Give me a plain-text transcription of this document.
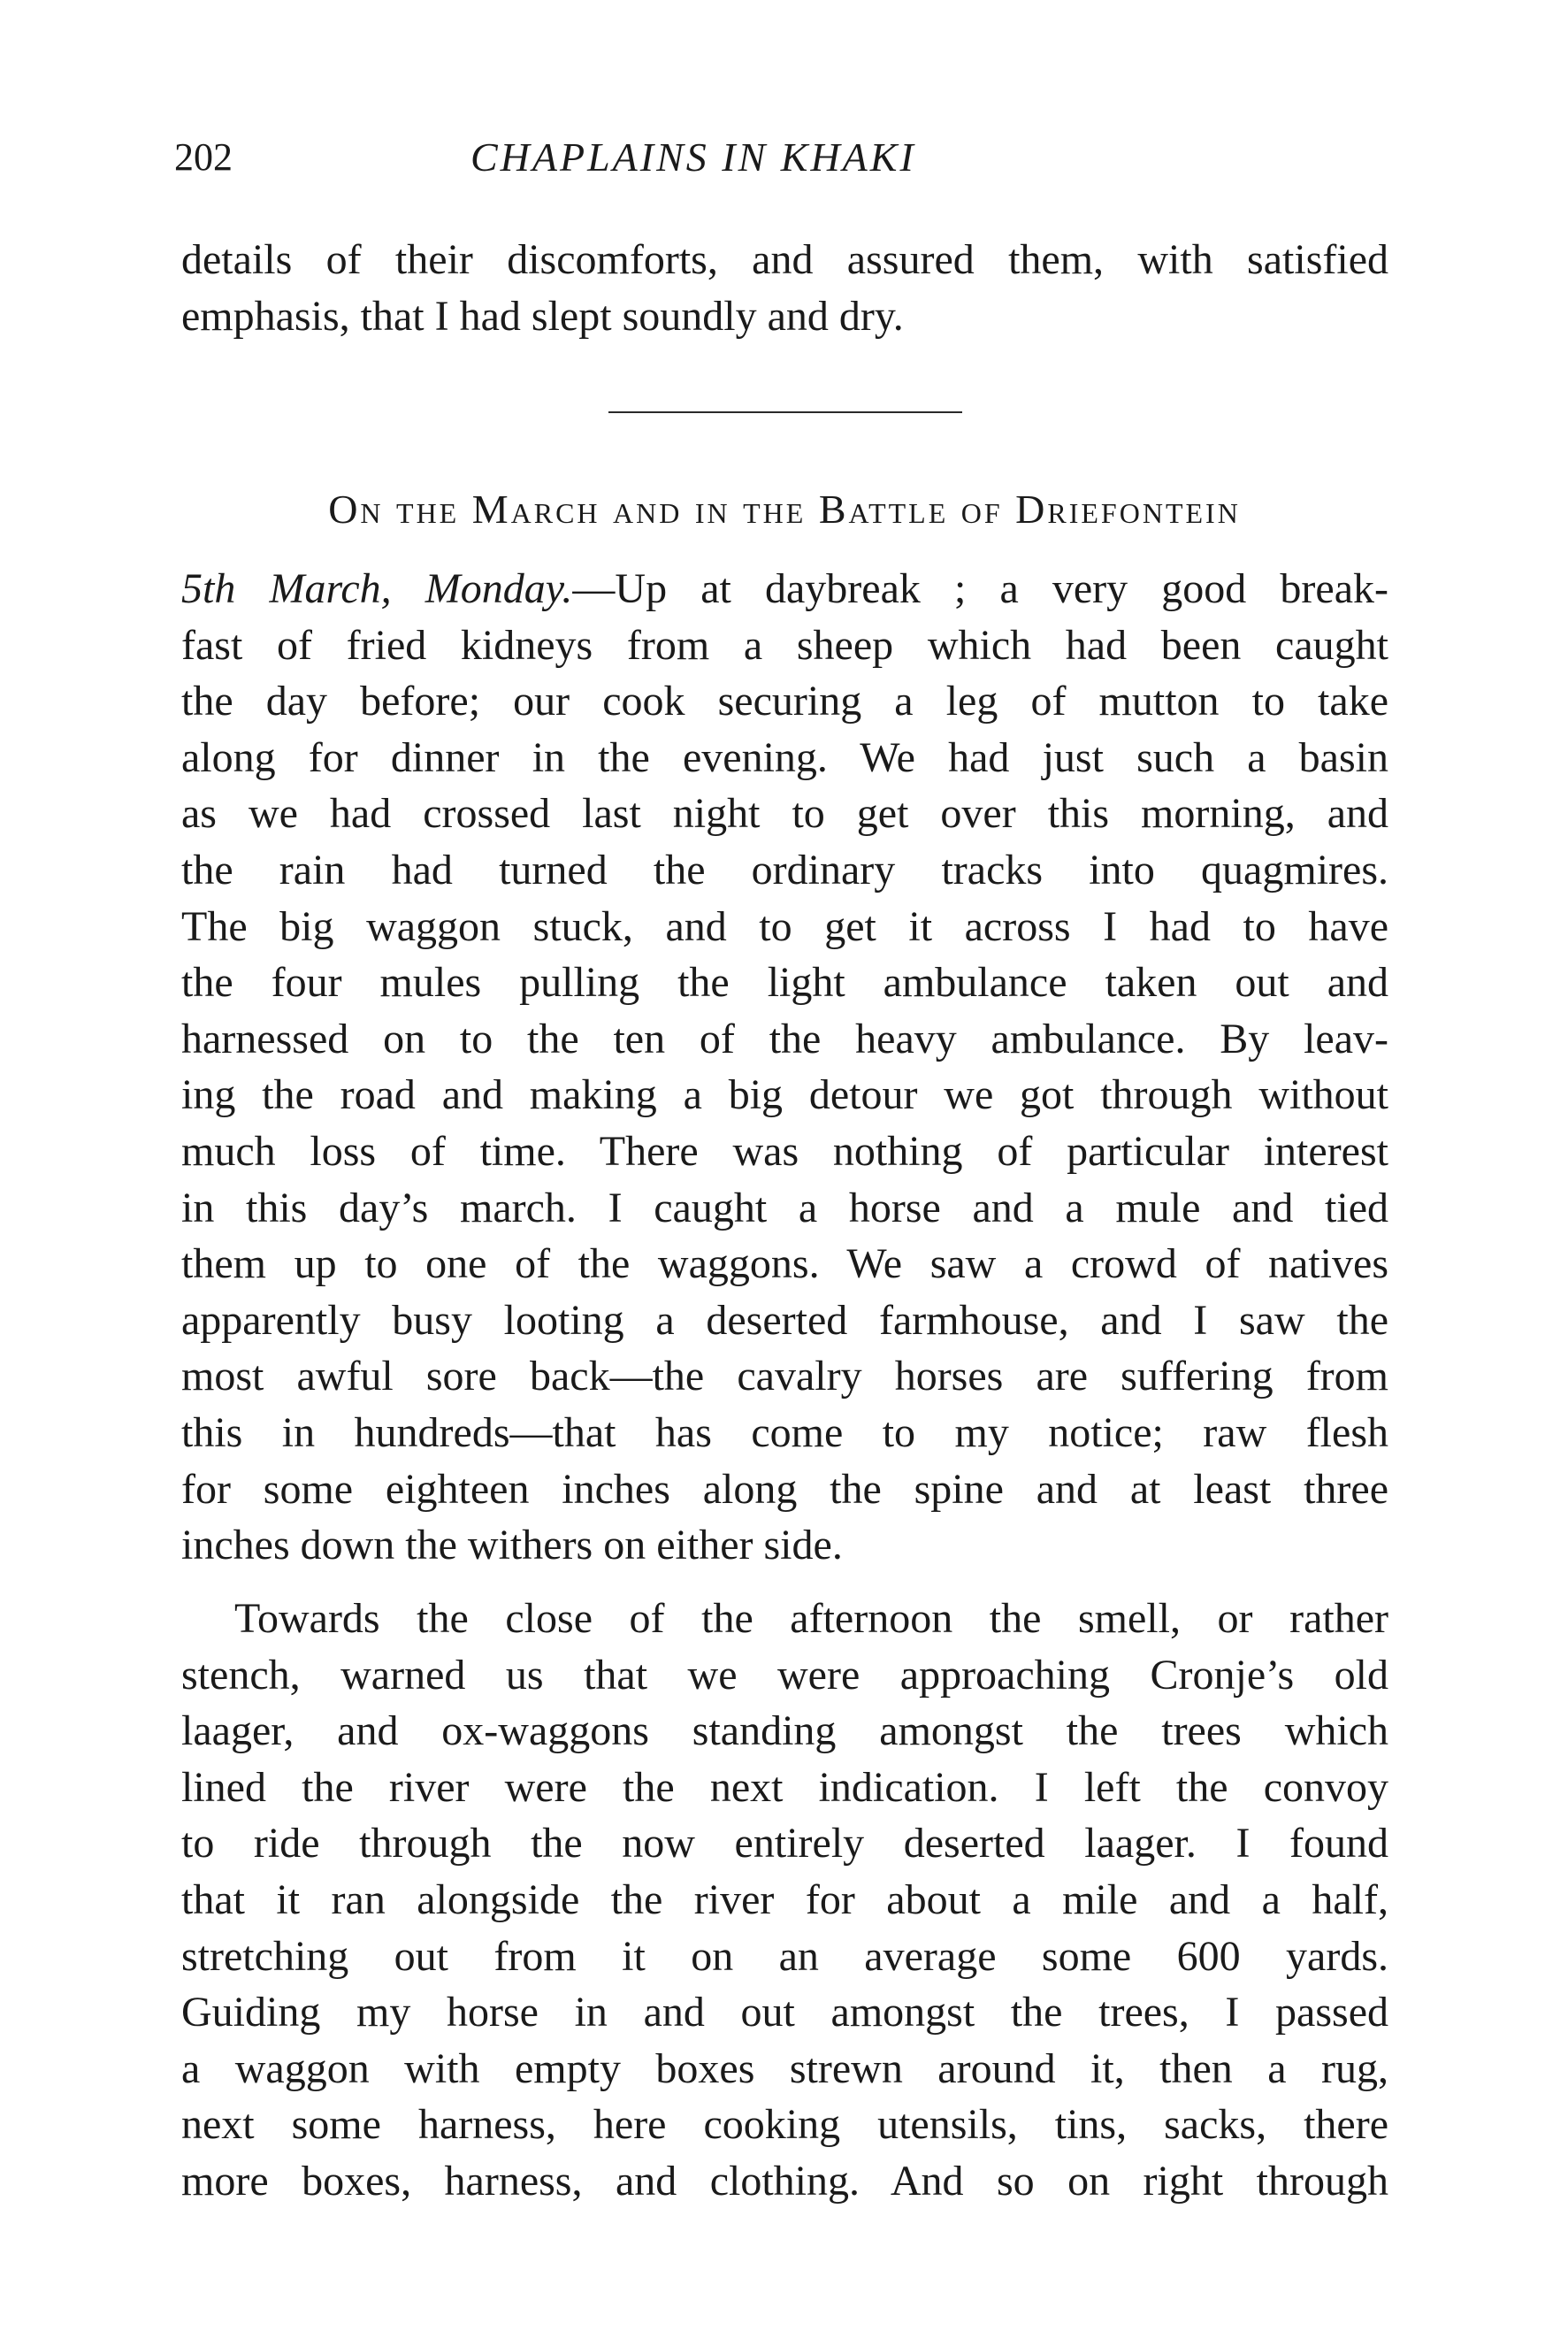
202	CHAPLAINS IN KHAKI
details of their discomforts, and assured them, with satisfied
emphasis, that I had slept soundly and dry.
On the March and in the Battle of Driefontein
5th March, Monday.—Up at daybreak ; a very good break-
fast of fried kidneys from a sheep which had been caught
the day before; our cook securing a leg of mutton to take
along for dinner in the evening. We had just such a basin
as we had crossed last night to get over this morning, and
the rain had turned the ordinary tracks into quagmires.
The big waggon stuck, and to get it across I had to have
the four mules pulling the light ambulance taken out and
harnessed on to the ten of the heavy ambulance. By leav-
ing the road and making a big detour we got through without
much loss of time. There was nothing of particular interest
in this day’s march. I caught a horse and a mule and tied
them up to one of the waggons. We saw a crowd of natives
apparently busy looting a deserted farmhouse, and I saw the
most awful sore back—the cavalry horses are suffering from
this in hundreds—that has come to my notice; raw flesh
for some eighteen inches along the spine and at least three
inches down the withers on either side.
Towards the close of the afternoon the smell, or rather
stench, warned us that we were approaching Cronje’s old
laager, and ox-waggons standing amongst the trees which
lined the river were the next indication. I left the convoy
to ride through the now entirely deserted laager. I found
that it ran alongside the river for about a mile and a half,
stretching out from it on an average some 600 yards.
Guiding my horse in and out amongst the trees, I passed
a waggon with empty boxes strewn around it, then a rug,
next some harness, here cooking utensils, tins, sacks, there
more boxes, harness, and clothing. And so on right through
